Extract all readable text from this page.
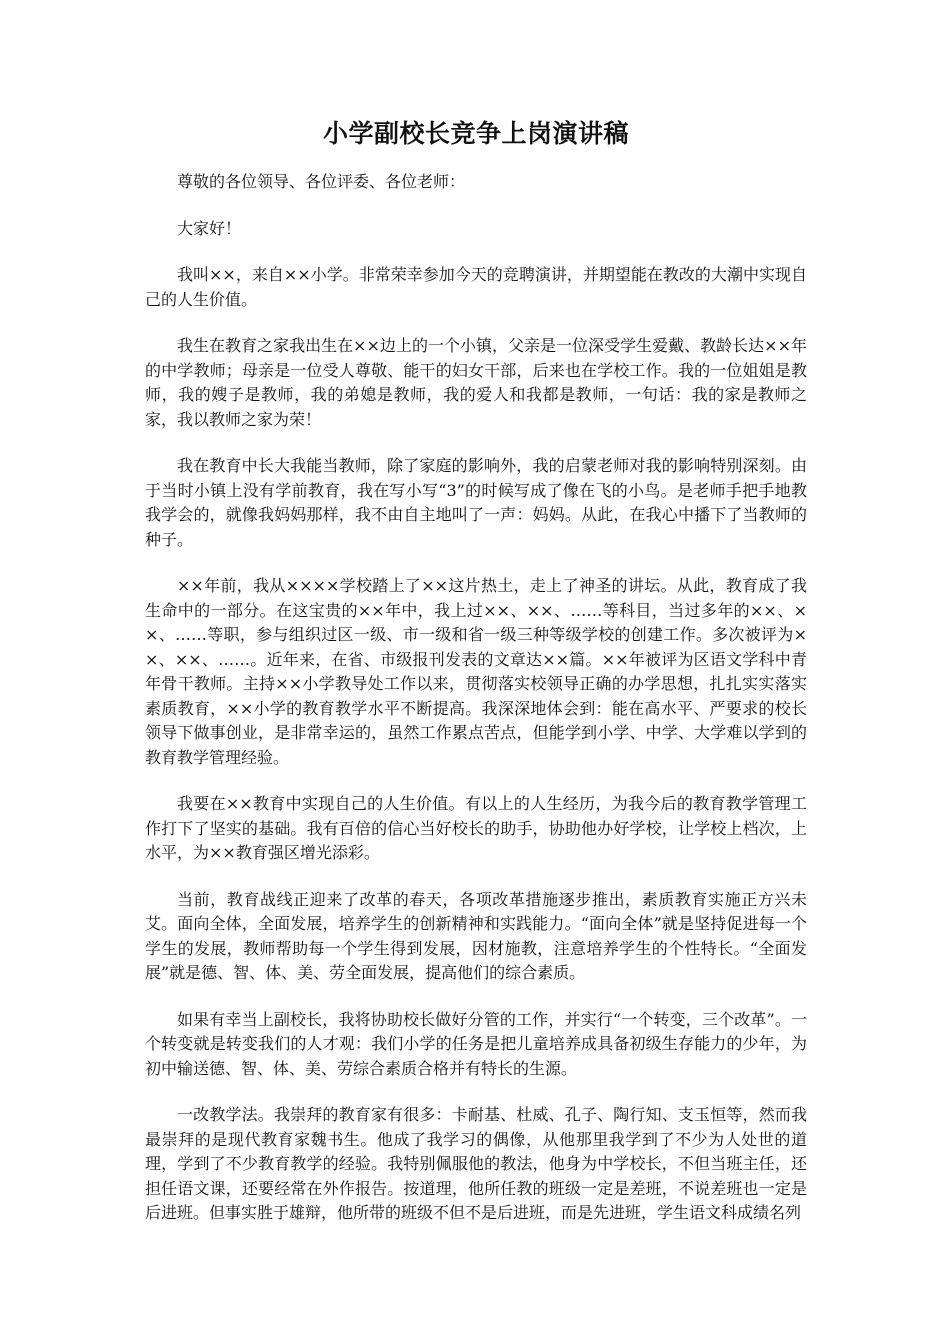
小学副校长竞争上岗演讲稿

尊敬的各位领导、各位评委、各位老师：

大家好！

我叫××，来自××小学。非常荣幸参加今天的竞聘演讲，并期望能在教改的大潮中实现自己的人生价值。

我生在教育之家我出生在××边上的一个小镇，父亲是一位深受学生爱戴、教龄长达××年的中学教师；母亲是一位受人尊敬、能干的妇女干部，后来也在学校工作。我的一位姐姐是教师，我的嫂子是教师，我的弟媳是教师，我的爱人和我都是教师，一句话：我的家是教师之家，我以教师之家为荣！

我在教育中长大我能当教师，除了家庭的影响外，我的启蒙老师对我的影响特别深刻。由于当时小镇上没有学前教育，我在写小写“3”的时候写成了像在飞的小鸟。是老师手把手地教我学会的，就像我妈妈那样，我不由自主地叫了一声：妈妈。从此，在我心中播下了当教师的种子。

××年前，我从××××学校踏上了××这片热土，走上了神圣的讲坛。从此，教育成了我生命中的一部分。在这宝贵的××年中，我上过××、××、……等科目，当过多年的××、××、……等职，参与组织过区一级、市一级和省一级三种等级学校的创建工作。多次被评为××、××、……。近年来，在省、市级报刊发表的文章达××篇。××年被评为区语文学科中青年骨干教师。主持××小学教导处工作以来，贯彻落实校领导正确的办学思想，扎扎实实落实素质教育，××小学的教育教学水平不断提高。我深深地体会到：能在高水平、严要求的校长领导下做事创业，是非常幸运的，虽然工作累点苦点，但能学到小学、中学、大学难以学到的教育教学管理经验。

我要在××教育中实现自己的人生价值。有以上的人生经历，为我今后的教育教学管理工作打下了坚实的基础。我有百倍的信心当好校长的助手，协助他办好学校，让学校上档次，上水平，为××教育强区增光添彩。

当前，教育战线正迎来了改革的春天，各项改革措施逐步推出，素质教育实施正方兴未艾。面向全体，全面发展，培养学生的创新精神和实践能力。“面向全体”就是坚持促进每一个学生的发展，教师帮助每一个学生得到发展，因材施教，注意培养学生的个性特长。“全面发展”就是德、智、体、美、劳全面发展，提高他们的综合素质。

如果有幸当上副校长，我将协助校长做好分管的工作，并实行“一个转变，三个改革”。一个转变就是转变我们的人才观：我们小学的任务是把儿童培养成具备初级生存能力的少年，为初中输送德、智、体、美、劳综合素质合格并有特长的生源。

一改教学法。我崇拜的教育家有很多：卡耐基、杜威、孔子、陶行知、支玉恒等，然而我最崇拜的是现代教育家魏书生。他成了我学习的偶像，从他那里我学到了不少为人处世的道理，学到了不少教育教学的经验。我特别佩服他的教法，他身为中学校长，不但当班主任，还担任语文课，还要经常在外作报告。按道理，他所任教的班级一定是差班，不说差班也一定是后进班。但事实胜于雄辩，他所带的班级不但不是后进班，而是先进班，学生语文科成绩名列
